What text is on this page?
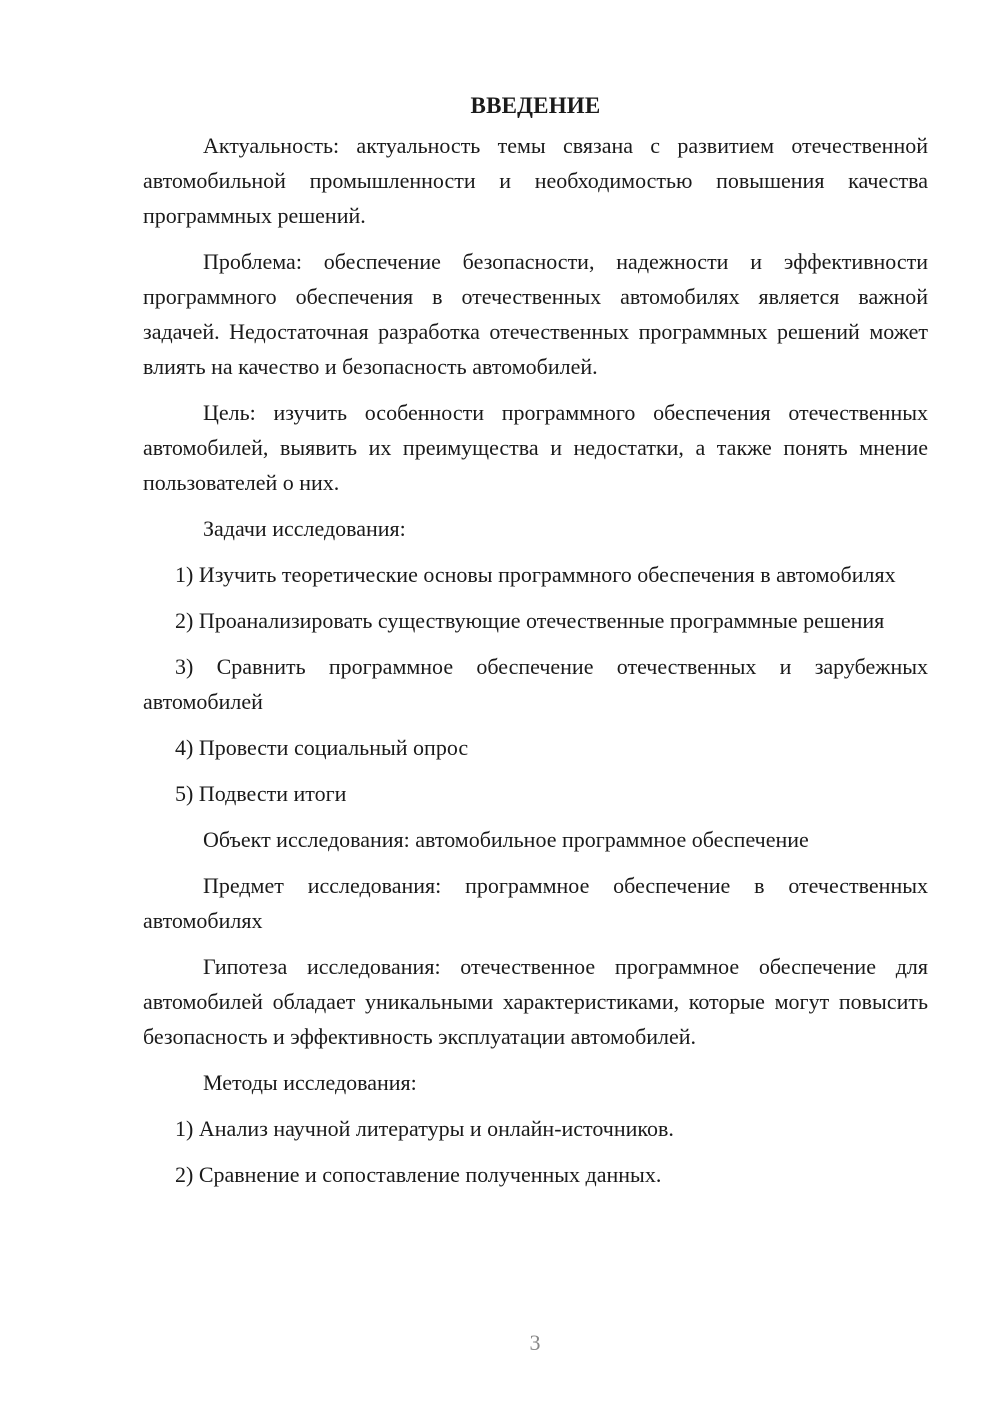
ВВЕДЕНИЕ

Актуальность: актуальность темы связана с развитием отечественной автомобильной промышленности и необходимостью повышения качества программных решений.

Проблема: обеспечение безопасности, надежности и эффективности программного обеспечения в отечественных автомобилях является важной задачей. Недостаточная разработка отечественных программных решений может влиять на качество и безопасность автомобилей.

Цель: изучить особенности программного обеспечения отечественных автомобилей, выявить их преимущества и недостатки, а также понять мнение пользователей о них.

Задачи исследования:

1) Изучить теоретические основы программного обеспечения в автомобилях

2) Проанализировать существующие отечественные программные решения

3) Сравнить программное обеспечение отечественных и зарубежных автомобилей

4) Провести социальный опрос

5) Подвести итоги

Объект исследования: автомобильное программное обеспечение

Предмет исследования: программное обеспечение в отечественных автомобилях

Гипотеза исследования: отечественное программное обеспечение для автомобилей обладает уникальными характеристиками, которые могут повысить безопасность и эффективность эксплуатации автомобилей.

Методы исследования:

1) Анализ научной литературы и онлайн-источников.

2) Сравнение и сопоставление полученных данных.

3
